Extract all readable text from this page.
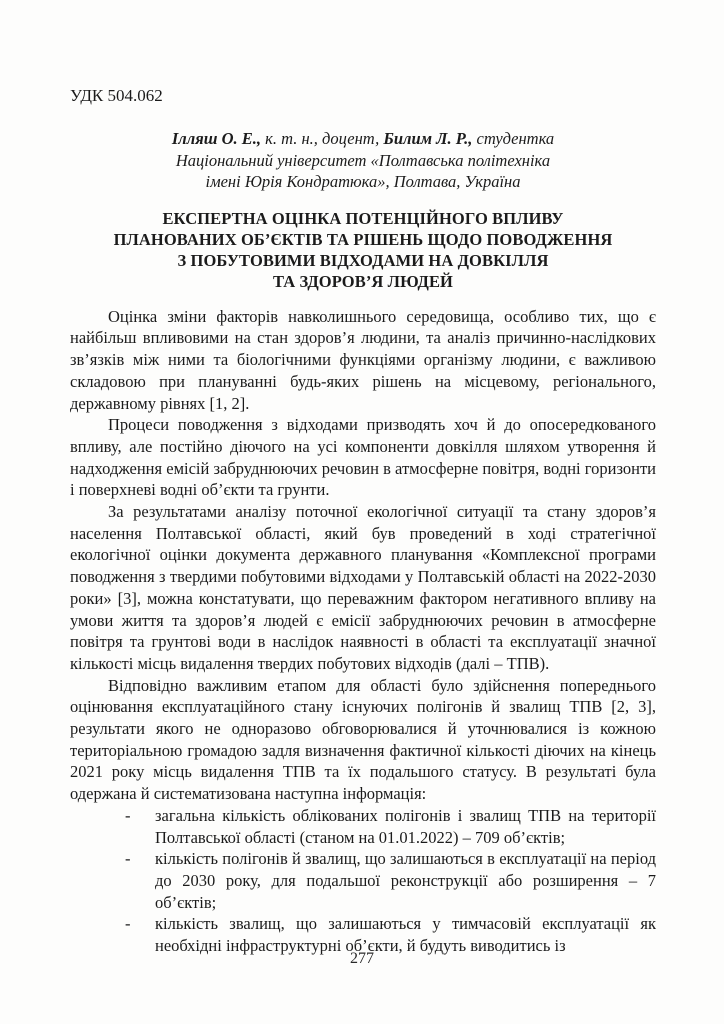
УДК 504.062
Ілляш О. Е., к. т. н., доцент, Билим Л. Р., студентка
Національний університет «Полтавська політехніка
імені Юрія Кондратюка», Полтава, Україна
ЕКСПЕРТНА ОЦІНКА ПОТЕНЦІЙНОГО ВПЛИВУ
ПЛАНОВАНИХ ОБ’ЄКТІВ ТА РІШЕНЬ ЩОДО ПОВОДЖЕННЯ
З ПОБУТОВИМИ ВІДХОДАМИ НА ДОВКІЛЛЯ
ТА ЗДОРОВ’Я ЛЮДЕЙ

Оцінка зміни факторів навколишнього середовища, особливо тих, що є найбільш впливовими на стан здоров’я людини, та аналіз причинно-наслідкових зв’язків між ними та біологічними функціями організму людини, є важливою складовою при плануванні будь-яких рішень на місцевому, регіонального, державному рівнях [1, 2].

Процеси поводження з відходами призводять хоч й до опосередкованого впливу, але постійно діючого на усі компоненти довкілля шляхом утворення й надходження емісій забруднюючих речовин в атмосферне повітря, водні горизонти і поверхневі водні об’єкти та грунти.

За результатами аналізу поточної екологічної ситуації та стану здоров’я населення Полтавської області, який був проведений в ході стратегічної екологічної оцінки документа державного планування «Комплексної програми поводження з твердими побутовими відходами у Полтавській області на 2022-2030 роки» [3], можна констатувати, що переважним фактором негативного впливу на умови життя та здоров’я людей є емісії забруднюючих речовин в атмосферне повітря та грунтові води в наслідок наявності в області та експлуатації значної кількості місць видалення твердих побутових відходів (далі – ТПВ).

Відповідно важливим етапом для області було здійснення попереднього оцінювання експлуатаційного стану існуючих полігонів й звалищ ТПВ [2, 3], результати якого не одноразово обговорювалися й уточнювалися із кожною територіальною громадою задля визначення фактичної кількості діючих на кінець 2021 року місць видалення ТПВ та їх подальшого статусу. В результаті була одержана й систематизована наступна інформація:

-	загальна кількість облікованих полігонів і звалищ ТПВ на території Полтавської області (станом на 01.01.2022) – 709 об’єктів;
-	кількість полігонів й звалищ, що залишаються в експлуатації на період до 2030 року, для подальшої реконструкції або розширення – 7 об’єктів;
-	кількість звалищ, що залишаються у тимчасовій експлуатації як необхідні інфраструктурні об’єкти, й будуть виводитись із
277
